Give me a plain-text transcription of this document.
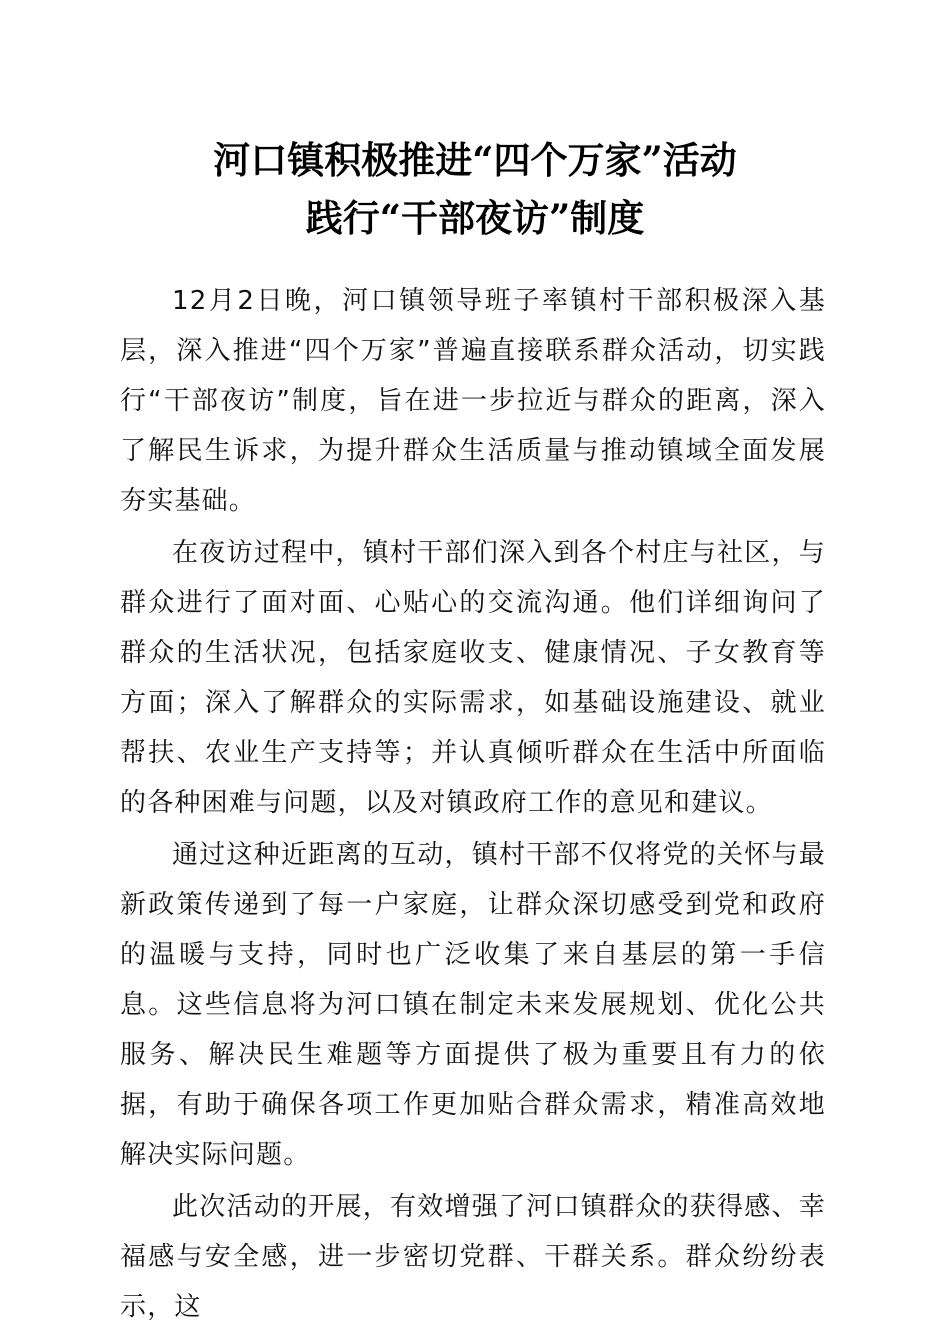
河口镇积极推进“四个万家”活动
践行“干部夜访”制度

12月2日晚，河口镇领导班子率镇村干部积极深入基层，深入推进“四个万家”普遍直接联系群众活动，切实践行“干部夜访”制度，旨在进一步拉近与群众的距离，深入了解民生诉求，为提升群众生活质量与推动镇域全面发展夯实基础。

在夜访过程中，镇村干部们深入到各个村庄与社区，与群众进行了面对面、心贴心的交流沟通。他们详细询问了群众的生活状况，包括家庭收支、健康情况、子女教育等方面；深入了解群众的实际需求，如基础设施建设、就业帮扶、农业生产支持等；并认真倾听群众在生活中所面临的各种困难与问题，以及对镇政府工作的意见和建议。

通过这种近距离的互动，镇村干部不仅将党的关怀与最新政策传递到了每一户家庭，让群众深切感受到党和政府的温暖与支持，同时也广泛收集了来自基层的第一手信息。这些信息将为河口镇在制定未来发展规划、优化公共服务、解决民生难题等方面提供了极为重要且有力的依据，有助于确保各项工作更加贴合群众需求，精准高效地解决实际问题。

此次活动的开展，有效增强了河口镇群众的获得感、幸福感与安全感，进一步密切党群、干群关系。群众纷纷表示，这
